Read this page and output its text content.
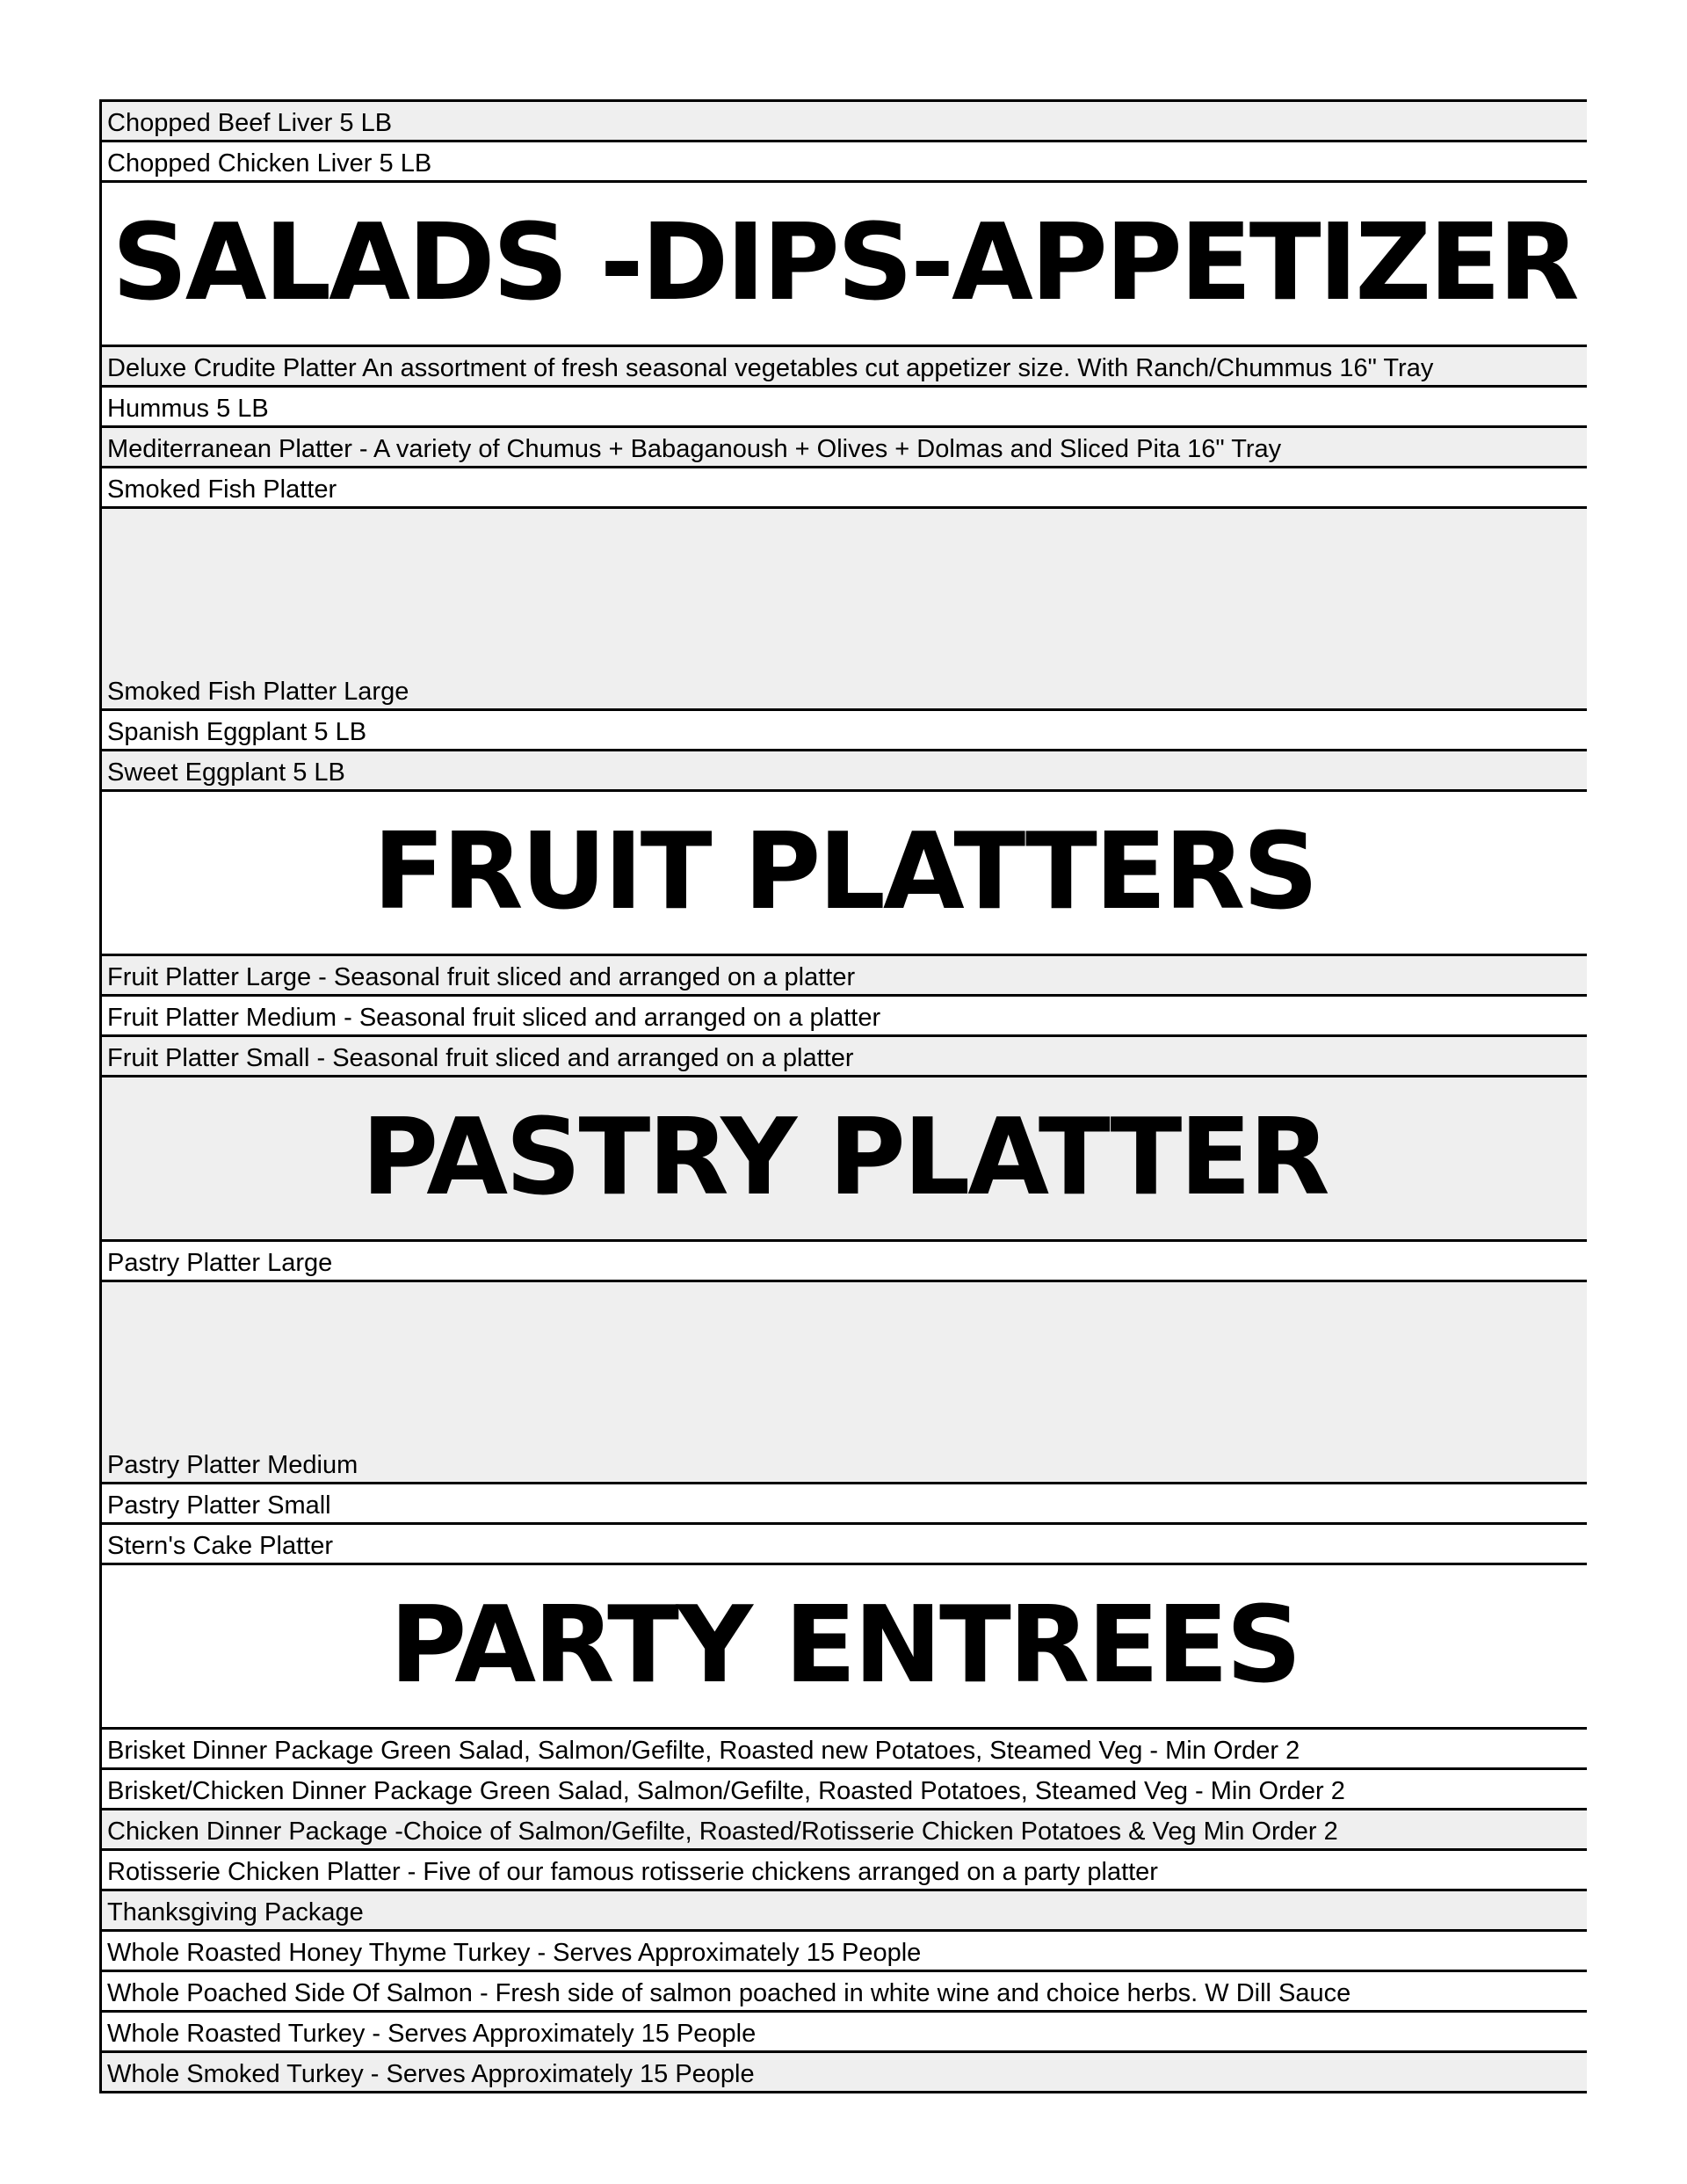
Chopped Beef Liver 5 LB
Chopped Chicken Liver 5 LB
SALADS -DIPS-APPETIZER
Deluxe Crudite Platter An assortment of fresh seasonal vegetables cut appetizer size. With Ranch/Chummus 16" Tray
Hummus 5 LB
Mediterranean Platter - A variety of Chumus + Babaganoush + Olives + Dolmas and Sliced Pita 16" Tray
Smoked Fish Platter
Smoked Fish Platter Large
Spanish Eggplant 5 LB
Sweet Eggplant 5 LB
FRUIT PLATTERS
Fruit Platter Large - Seasonal fruit sliced and arranged on a platter
Fruit Platter Medium - Seasonal fruit sliced and arranged on a platter
Fruit Platter Small - Seasonal fruit sliced and arranged on a platter
PASTRY PLATTER
Pastry Platter Large
Pastry Platter Medium
Pastry Platter Small
Stern's Cake Platter
PARTY ENTREES
Brisket Dinner Package Green Salad, Salmon/Gefilte, Roasted new Potatoes, Steamed Veg - Min Order 2
Brisket/Chicken Dinner Package Green Salad, Salmon/Gefilte, Roasted Potatoes, Steamed Veg - Min Order 2
Chicken Dinner Package -Choice of Salmon/Gefilte, Roasted/Rotisserie Chicken Potatoes & Veg Min Order 2
Rotisserie Chicken Platter - Five of our famous rotisserie chickens arranged on a party platter
Thanksgiving Package
Whole Roasted Honey Thyme Turkey - Serves Approximately 15 People
Whole Poached Side Of Salmon - Fresh side of salmon poached in white wine and choice herbs. W Dill Sauce
Whole Roasted Turkey - Serves Approximately 15 People
Whole Smoked Turkey - Serves Approximately 15 People
